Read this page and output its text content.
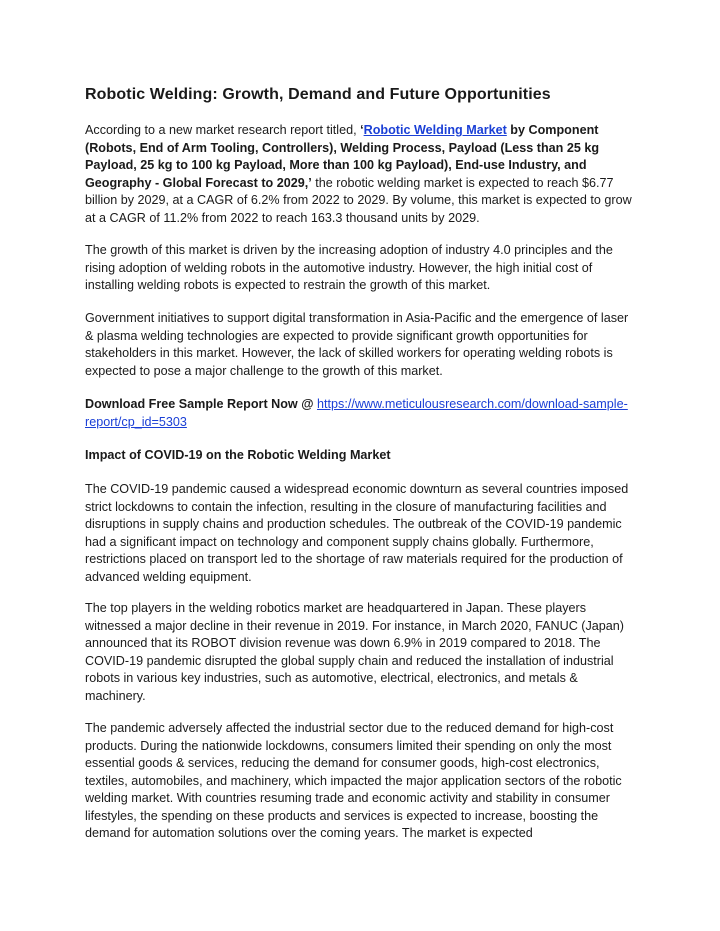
Robotic Welding: Growth, Demand and Future Opportunities

According to a new market research report titled, ‘Robotic Welding Market by Component (Robots, End of Arm Tooling, Controllers), Welding Process, Payload (Less than 25 kg Payload, 25 kg to 100 kg Payload, More than 100 kg Payload), End-use Industry, and Geography - Global Forecast to 2029,’ the robotic welding market is expected to reach $6.77 billion by 2029, at a CAGR of 6.2% from 2022 to 2029. By volume, this market is expected to grow at a CAGR of 11.2% from 2022 to reach 163.3 thousand units by 2029.

The growth of this market is driven by the increasing adoption of industry 4.0 principles and the rising adoption of welding robots in the automotive industry. However, the high initial cost of installing welding robots is expected to restrain the growth of this market.

Government initiatives to support digital transformation in Asia-Pacific and the emergence of laser & plasma welding technologies are expected to provide significant growth opportunities for stakeholders in this market. However, the lack of skilled workers for operating welding robots is expected to pose a major challenge to the growth of this market.

Download Free Sample Report Now @ https://www.meticulousresearch.com/download-sample-report/cp_id=5303

Impact of COVID-19 on the Robotic Welding Market

The COVID-19 pandemic caused a widespread economic downturn as several countries imposed strict lockdowns to contain the infection, resulting in the closure of manufacturing facilities and disruptions in supply chains and production schedules. The outbreak of the COVID-19 pandemic had a significant impact on technology and component supply chains globally. Furthermore, restrictions placed on transport led to the shortage of raw materials required for the production of advanced welding equipment.

The top players in the welding robotics market are headquartered in Japan. These players witnessed a major decline in their revenue in 2019. For instance, in March 2020, FANUC (Japan) announced that its ROBOT division revenue was down 6.9% in 2019 compared to 2018. The COVID-19 pandemic disrupted the global supply chain and reduced the installation of industrial robots in various key industries, such as automotive, electrical, electronics, and metals & machinery.

The pandemic adversely affected the industrial sector due to the reduced demand for high-cost products. During the nationwide lockdowns, consumers limited their spending on only the most essential goods & services, reducing the demand for consumer goods, high-cost electronics, textiles, automobiles, and machinery, which impacted the major application sectors of the robotic welding market. With countries resuming trade and economic activity and stability in consumer lifestyles, the spending on these products and services is expected to increase, boosting the demand for automation solutions over the coming years. The market is expected
